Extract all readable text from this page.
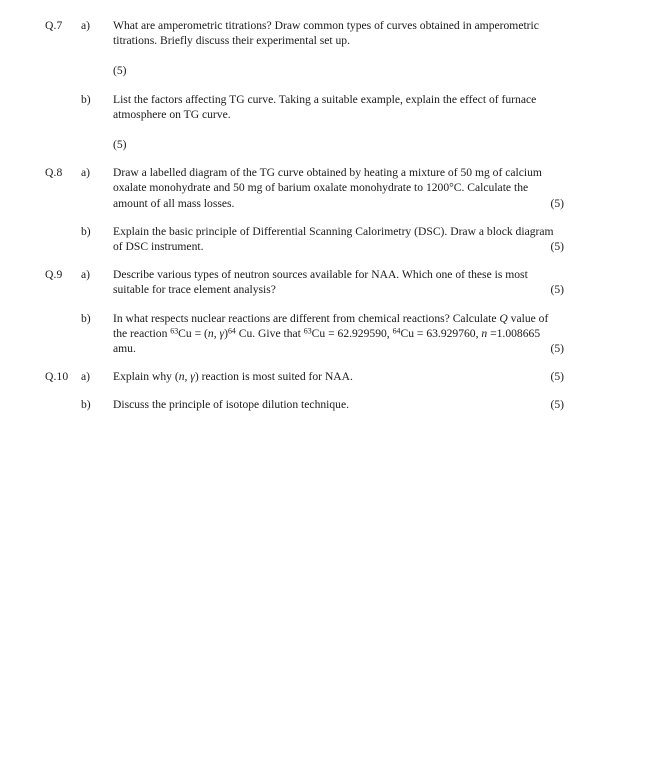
Q.7	a)	What are amperometric titrations? Draw common types of curves obtained in amperometric titrations. Briefly discuss their experimental set up.
(5)
b)	List the factors affecting TG curve. Taking a suitable example, explain the effect of furnace atmosphere on TG curve.
(5)
Q.8	a)	Draw a labelled diagram of the TG curve obtained by heating a mixture of 50 mg of calcium oxalate monohydrate and 50 mg of barium oxalate monohydrate to 1200°C. Calculate the amount of all mass losses.	(5)
b)	Explain the basic principle of Differential Scanning Calorimetry (DSC). Draw a block diagram of DSC instrument.	(5)
Q.9	a)	Describe various types of neutron sources available for NAA. Which one of these is most suitable for trace element analysis?	(5)
b)	In what respects nuclear reactions are different from chemical reactions? Calculate Q value of the reaction $^{63}$Cu = (n, γ)$^{64}$ Cu. Give that $^{63}$Cu = 62.929590, $^{64}$Cu = 63.929760, n =1.008665 amu.	(5)
Q.10	a)	Explain why (n, γ) reaction is most suited for NAA.	(5)
b)	Discuss the principle of isotope dilution technique.	(5)
